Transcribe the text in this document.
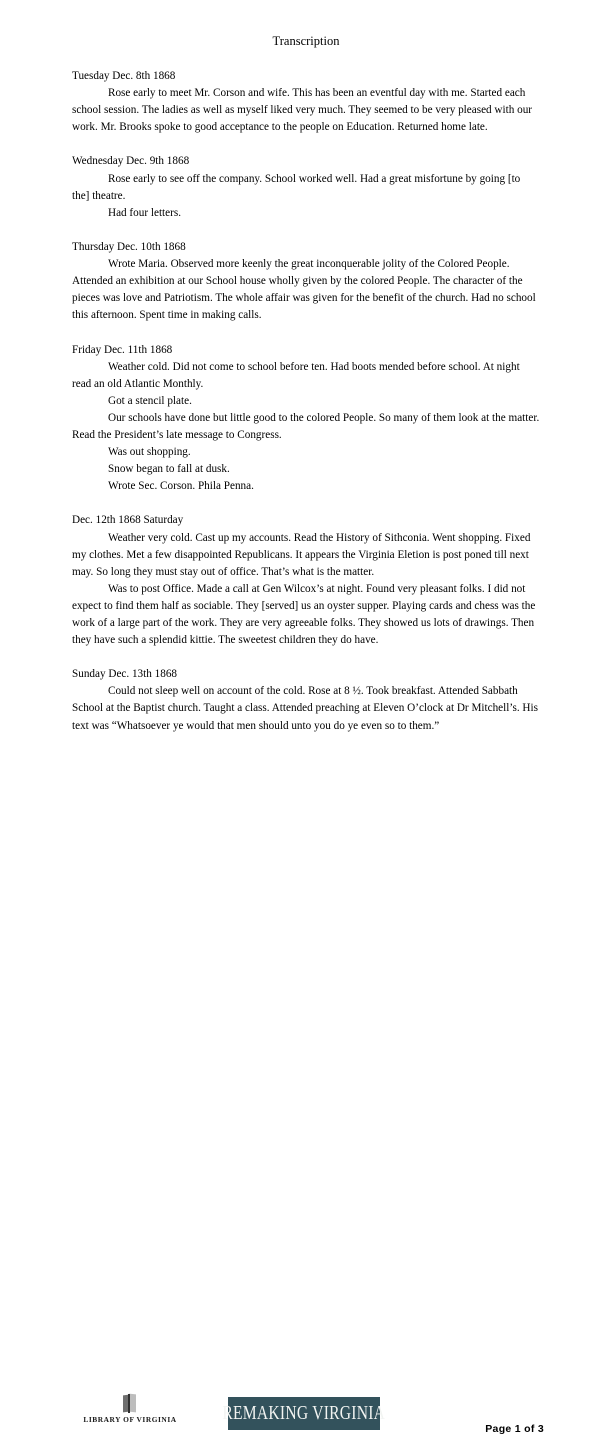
Transcription

Tuesday Dec. 8th 1868

Rose early to meet Mr. Corson and wife. This has been an eventful day with me. Started each school session. The ladies as well as myself liked very much. They seemed to be very pleased with our work. Mr. Brooks spoke to good acceptance to the people on Education. Returned home late.

Wednesday Dec. 9th 1868

Rose early to see off the company. School worked well. Had a great misfortune by going [to the] theatre.

Had four letters.

Thursday Dec. 10th 1868

Wrote Maria. Observed more keenly the great inconquerable jolity of the Colored People. Attended an exhibition at our School house wholly given by the colored People. The character of the pieces was love and Patriotism. The whole affair was given for the benefit of the church. Had no school this afternoon. Spent time in making calls.

Friday Dec. 11th 1868

Weather cold. Did not come to school before ten. Had boots mended before school. At night read an old Atlantic Monthly.

Got a stencil plate.

Our schools have done but little good to the colored People. So many of them look at the matter. Read the President’s late message to Congress.

Was out shopping.

Snow began to fall at dusk.

Wrote Sec. Corson. Phila Penna.

Dec. 12th 1868 Saturday

Weather very cold. Cast up my accounts. Read the History of Sithconia. Went shopping. Fixed my clothes. Met a few disappointed Republicans. It appears the Virginia Eletion is post poned till next may. So long they must stay out of office. That’s what is the matter.

Was to post Office. Made a call at Gen Wilcox’s at night. Found very pleasant folks. I did not expect to find them half as sociable. They [served] us an oyster supper. Playing cards and chess was the work of a large part of the work. They are very agreeable folks. They showed us lots of drawings. Then they have such a splendid kittie. The sweetest children they do have.

Sunday Dec. 13th 1868

Could not sleep well on account of the cold. Rose at 8 ½. Took breakfast. Attended Sabbath School at the Baptist church. Taught a class. Attended preaching at Eleven O’clock at Dr Mitchell’s. His text was “Whatsoever ye would that men should unto you do ye even so to them.”

LIBRARY OF VIRGINIA REMAKING VIRGINIA
Page 1 of 3
